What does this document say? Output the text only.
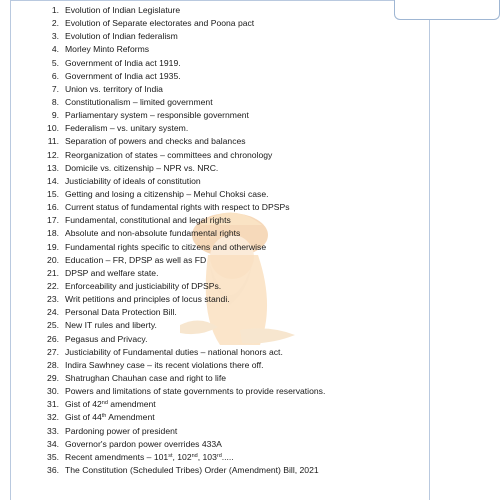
1. Evolution of Indian Legislature
2. Evolution of Separate electorates and Poona pact
3. Evolution of Indian federalism
4. Morley Minto Reforms
5. Government of India act 1919.
6. Government of India act 1935.
7. Union vs. territory of India
8. Constitutionalism – limited government
9. Parliamentary system – responsible government
10. Federalism – vs. unitary system.
11. Separation of powers and checks and balances
12. Reorganization of states – committees and chronology
13. Domicile vs. citizenship – NPR vs. NRC.
14. Justiciability of ideals of constitution
15. Getting and losing a citizenship – Mehul Choksi case.
16. Current status of fundamental rights with respect to DPSPs
17. Fundamental, constitutional and legal rights
18. Absolute and non-absolute fundamental rights
19. Fundamental rights specific to citizens and otherwise
20. Education – FR, DPSP as well as FD
21. DPSP and welfare state.
22. Enforceability and justiciability of DPSPs.
23. Writ petitions and principles of locus standi.
24. Personal Data Protection Bill.
25. New IT rules and liberty.
26. Pegasus and Privacy.
27. Justiciability of Fundamental duties – national honors act.
28. Indira Sawhney case – its recent violations there off.
29. Shatrughan Chauhan case and right to life
30. Powers and limitations of state governments to provide reservations.
31. Gist of 42nd amendment
32. Gist of 44th Amendment
33. Pardoning power of president
34. Governor's pardon power overrides 433A
35. Recent amendments – 101st, 102nd, 103rd.....
36. The Constitution (Scheduled Tribes) Order (Amendment) Bill, 2021
